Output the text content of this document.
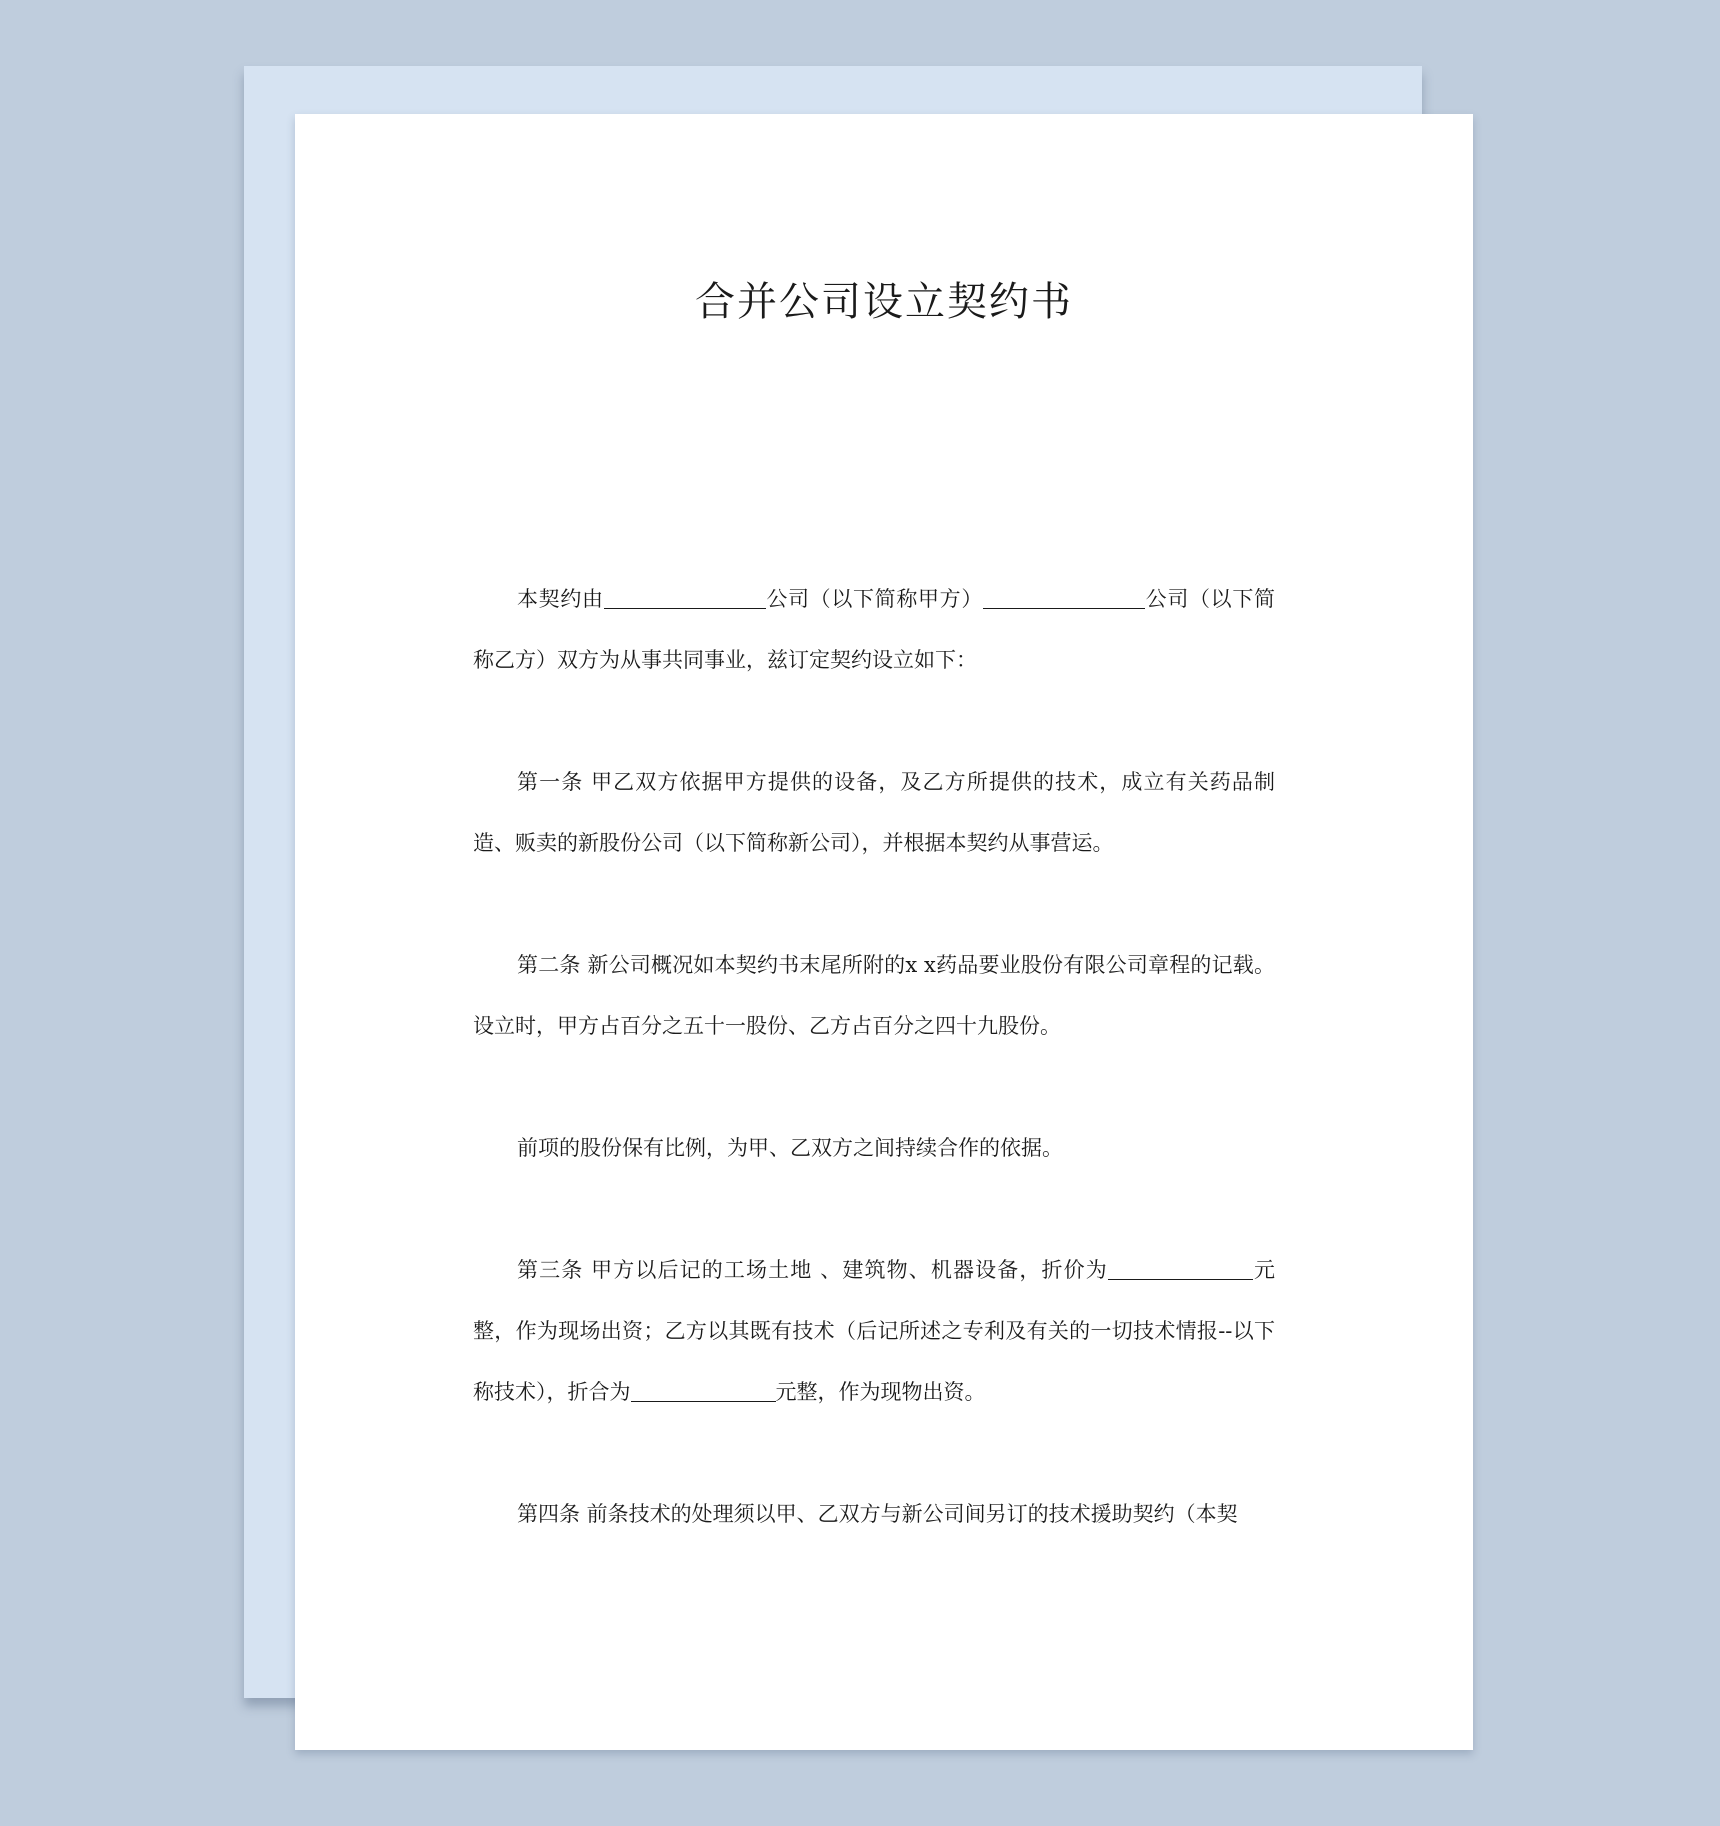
合并公司设立契约书

本契约由	公司（以下简称甲方）	公司（以下简称乙方）双方为从事共同事业，兹订定契约设立如下：

第一条 甲乙双方依据甲方提供的设备，及乙方所提供的技术，成立有关药品制造、贩卖的新股份公司（以下简称新公司），并根据本契约从事营运。

第二条 新公司概况如本契约书末尾所附的x x药品要业股份有限公司章程的记载。设立时，甲方占百分之五十一股份、乙方占百分之四十九股份。

前项的股份保有比例，为甲、乙双方之间持续合作的依据。

第三条 甲方以后记的工场土地 、建筑物、机器设备，折价为	元整，作为现场出资；乙方以其既有技术（后记所述之专利及有关的一切技术情报--以下称技术），折合为	元整，作为现物出资。

第四条 前条技术的处理须以甲、乙双方与新公司间另订的技术援助契约（本契
